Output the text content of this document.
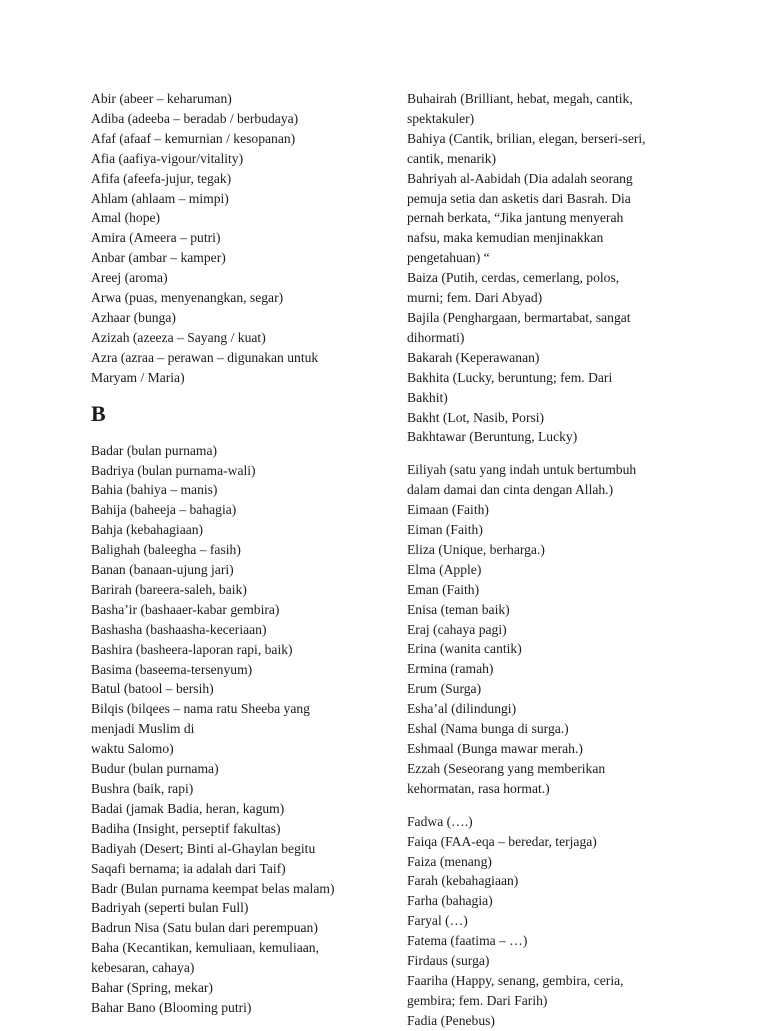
Abir (abeer – keharuman)
Adiba (adeeba – beradab / berbudaya)
Afaf (afaaf – kemurnian / kesopanan)
Afia (aafiya-vigour/vitality)
Afifa (afeefa-jujur, tegak)
Ahlam (ahlaam – mimpi)
Amal (hope)
Amira (Ameera – putri)
Anbar (ambar – kamper)
Areej (aroma)
Arwa (puas, menyenangkan, segar)
Azhaar (bunga)
Azizah (azeeza – Sayang / kuat)
Azra (azraa – perawan – digunakan untuk
Maryam / Maria)
B
Badar (bulan purnama)
Badriya (bulan purnama-wali)
Bahia (bahiya – manis)
Bahija (baheeja – bahagia)
Bahja (kebahagiaan)
Balighah (baleegha – fasih)
Banan (banaan-ujung jari)
Barirah (bareera-saleh, baik)
Basha’ir (bashaaer-kabar gembira)
Bashasha (bashaasha-keceriaan)
Bashira (basheera-laporan rapi, baik)
Basima (baseema-tersenyum)
Batul (batool – bersih)
Bilqis (bilqees – nama ratu Sheeba yang
menjadi Muslim di
waktu Salomo)
Budur (bulan purnama)
Bushra (baik, rapi)
Badai (jamak Badia, heran, kagum)
Badiha (Insight, perseptif fakultas)
Badiyah (Desert; Binti al-Ghaylan begitu
Saqafi bernama; ia adalah dari Taif)
Badr (Bulan purnama keempat belas malam)
Badriyah (seperti bulan Full)
Badrun Nisa (Satu bulan dari perempuan)
Baha (Kecantikan, kemuliaan, kemuliaan,
kebesaran, cahaya)
Bahar (Spring, mekar)
Bahar Bano (Blooming putri)
Buhairah (Brilliant, hebat, megah, cantik,
spektakuler)
Bahiya (Cantik, brilian, elegan, berseri-seri,
cantik, menarik)
Bahriyah al-Aabidah (Dia adalah seorang
pemuja setia dan asketis dari Basrah. Dia
pernah berkata, “Jika jantung menyerah
nafsu, maka kemudian menjinakkan
pengetahuan) “
Baiza (Putih, cerdas, cemerlang, polos,
murni; fem. Dari Abyad)
Bajila (Penghargaan, bermartabat, sangat
dihormati)
Bakarah (Keperawanan)
Bakhita (Lucky, beruntung; fem. Dari
Bakhit)
Bakht (Lot, Nasib, Porsi)
Bakhtawar (Beruntung, Lucky)
Eiliyah (satu yang indah untuk bertumbuh
dalam damai dan cinta dengan Allah.)
Eimaan (Faith)
Eiman (Faith)
Eliza (Unique, berharga.)
Elma (Apple)
Eman (Faith)
Enisa (teman baik)
Eraj (cahaya pagi)
Erina (wanita cantik)
Ermina (ramah)
Erum (Surga)
Esha’al (dilindungi)
Eshal (Nama bunga di surga.)
Eshmaal (Bunga mawar merah.)
Ezzah (Seseorang yang memberikan
kehormatan, rasa hormat.)
Fadwa (….)
Faiqa (FAA-eqa – beredar, terjaga)
Faiza (menang)
Farah (kebahagiaan)
Farha (bahagia)
Faryal (…)
Fatema (faatima – …)
Firdaus (surga)
Faariha (Happy, senang, gembira, ceria,
gembira; fem. Dari Farih)
Fadia (Penebus)
